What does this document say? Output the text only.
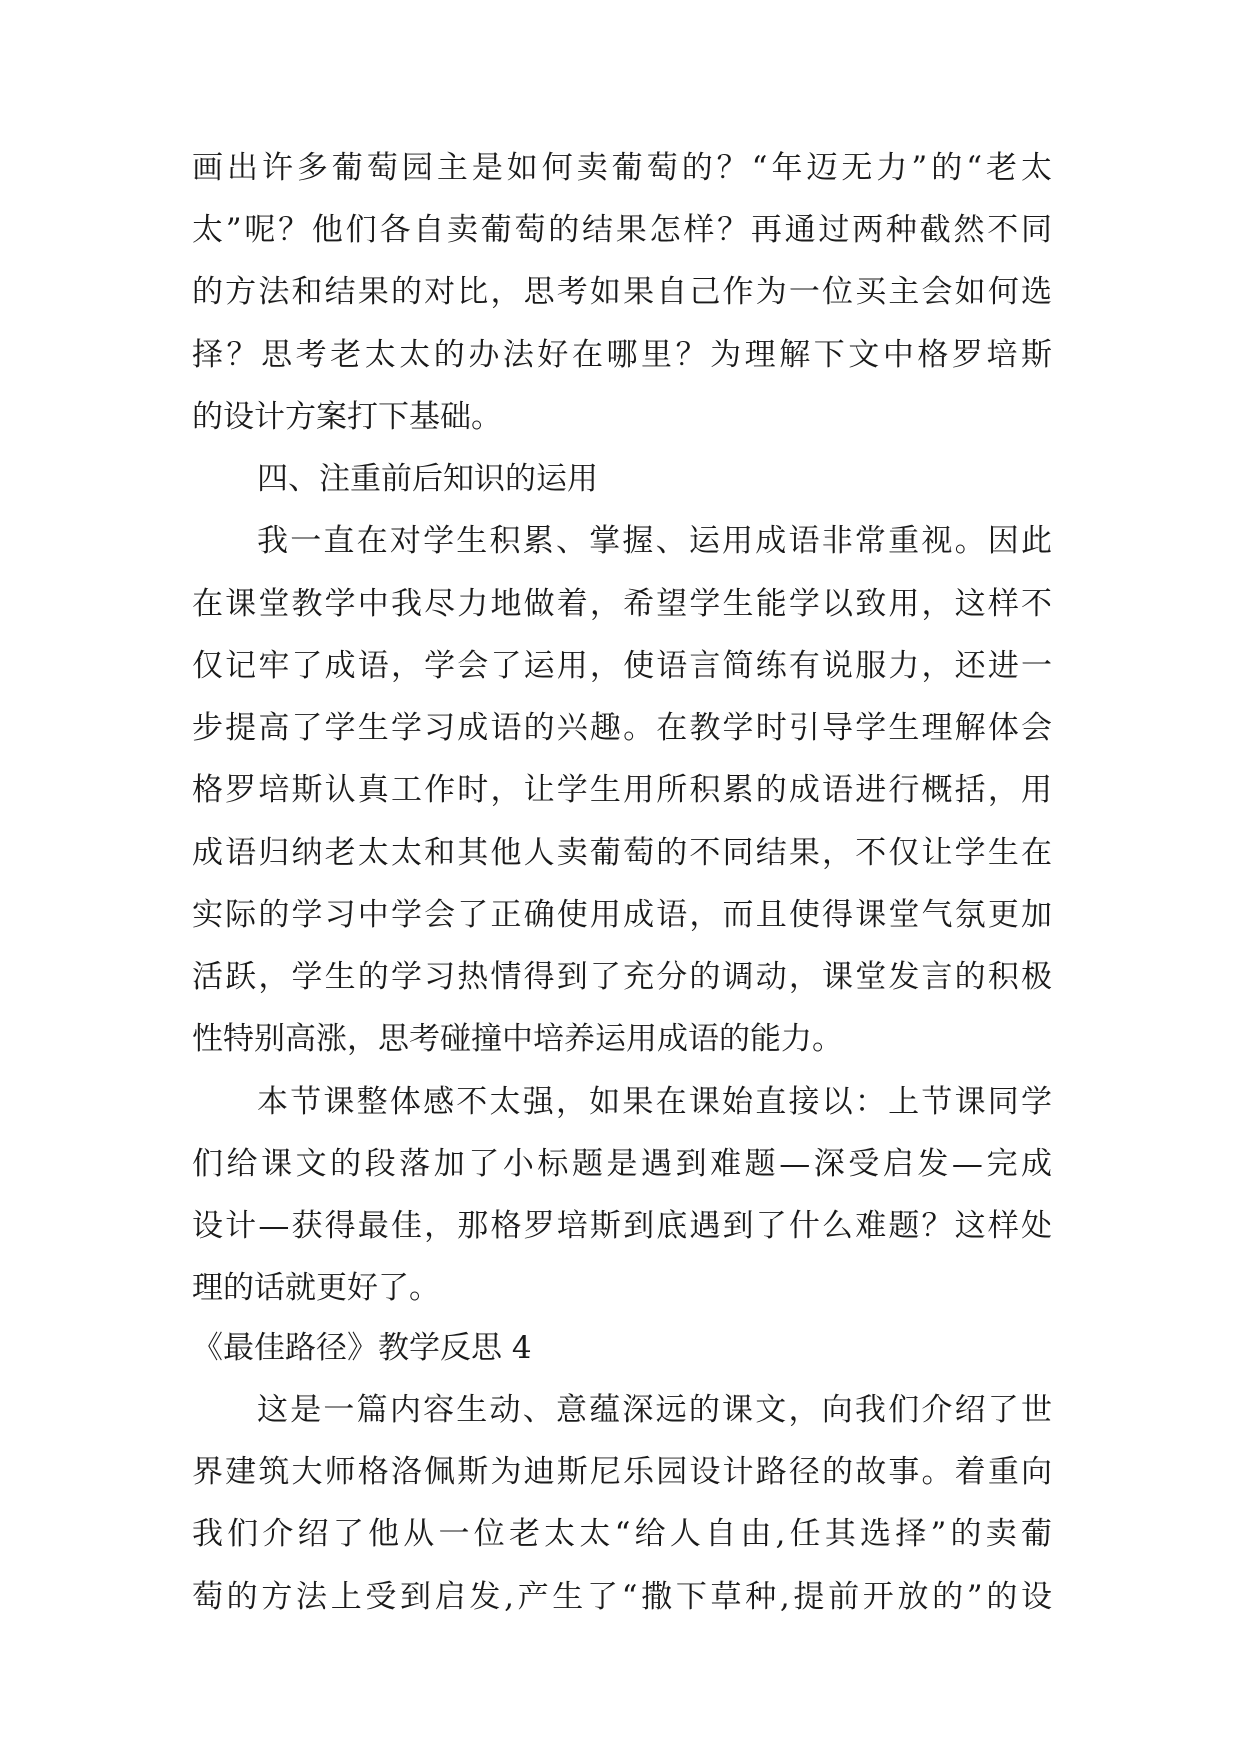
画出许多葡萄园主是如何卖葡萄的？“年迈无力”的“老太
太”呢？他们各自卖葡萄的结果怎样？再通过两种截然不同
的方法和结果的对比，思考如果自己作为一位买主会如何选
择？思考老太太的办法好在哪里？为理解下文中格罗培斯
的设计方案打下基础。
四、注重前后知识的运用
我一直在对学生积累、掌握、运用成语非常重视。因此
在课堂教学中我尽力地做着，希望学生能学以致用，这样不
仅记牢了成语，学会了运用，使语言简练有说服力，还进一
步提高了学生学习成语的兴趣。在教学时引导学生理解体会
格罗培斯认真工作时，让学生用所积累的成语进行概括，用
成语归纳老太太和其他人卖葡萄的不同结果，不仅让学生在
实际的学习中学会了正确使用成语，而且使得课堂气氛更加
活跃，学生的学习热情得到了充分的调动，课堂发言的积极
性特别高涨，思考碰撞中培养运用成语的能力。
本节课整体感不太强，如果在课始直接以：上节课同学
们给课文的段落加了小标题是遇到难题—深受启发—完成
设计—获得最佳，那格罗培斯到底遇到了什么难题？这样处
理的话就更好了。
《最佳路径》教学反思 4
这是一篇内容生动、意蕴深远的课文，向我们介绍了世
界建筑大师格洛佩斯为迪斯尼乐园设计路径的故事。着重向
我们介绍了他从一位老太太“给人自由,任其选择”的卖葡
萄的方法上受到启发,产生了“撒下草种,提前开放的”的设
